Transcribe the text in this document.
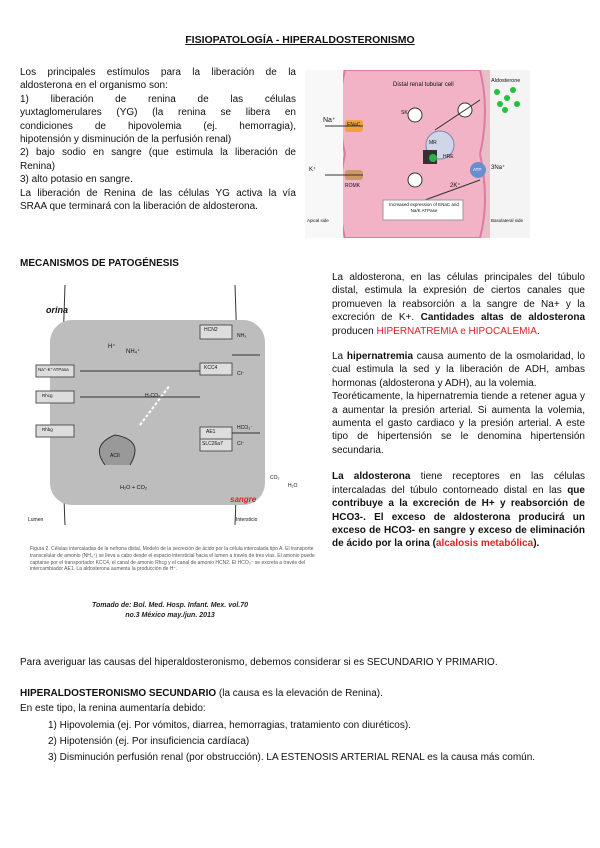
FISIOPATOLOGÍA - HIPERALDOSTERONISMO
Los principales estímulos para la liberación de la
aldosterona en el organismo son:
1) liberación de renina de las células
yuxtaglomerulares (YG) (la renina se libera en
condiciones de hipovolemia (ej. hemorragia),
hipotensión y disminución de la perfusión renal)
2) bajo sodio en sangre (que estimula la liberación de
Renina)
3) alto potasio en sangre.
La liberación de Renina de las células YG activa la vía
SRAA que terminará con la liberación de aldosterona.
Distal renal tubular cell
Aldosterone
Na⁺
ENaC
K⁺
ROMK
3Na⁺
2K⁺
ATP
MR
HRE
SK
Increased expression of ENaC and Na/K ATPase
Apical side	Basolateral side
MECANISMOS DE PATOGÉNESIS
orina
sangre
Lumen	Intersticio
HCN2
NH₃
H⁺
NH₄⁺
KCC4
Cl⁻
AE1
SLC26a7
H₂O + CO₂
CO₂
H₂O
ACII
H₂CO₃
HCO₃⁻
Na⁺-K⁺ATPasa
Rhcg
Rhbg
Cl⁻
Figura 2. Células intercaladas de la nefrona distal. Modelo de la secreción de ácido por la célula intercalada tipo A. El transporte transcelular de amonio (NH₄⁺) se lleva a cabo desde el espacio intersticial hacia el lumen a través de tres vías. El amonio puede captarse por el transportador KCC4, el canal de amonio Rhcg y el canal de amonio HCN2. El HCO₃⁻ se excreta a través del intercambiador AE1. La aldosterona aumenta la producción de H⁺.
Tomado de: Bol. Med. Hosp. Infant. Mex. vol.70
no.3 México may./jun. 2013

La aldosterona, en las células principales del túbulo distal, estimula la expresión de ciertos canales que promueven la reabsorción a la sangre de Na+ y la excreción de K+. Cantidades altas de aldosterona producen HIPERNATREMIA e HIPOCALEMIA.

La hipernatremia causa aumento de la osmolaridad, lo cual estimula la sed y la liberación de ADH, ambas hormonas (aldosterona y ADH), au la volemia.

Teoréticamente, la hipernatremia tiende a retener agua y a aumentar la presión arterial. Si aumenta la volemia, aumenta el gasto cardiaco y la presión arterial. A este tipo de hipertensión se le denomina hipertensión secundaria.

La aldosterona tiene receptores en las células intercaladas del túbulo contorneado distal en las que contribuye a la excreción de H+ y reabsorción de HCO3-. El exceso de aldosterona producirá un exceso de HCO3- en sangre y exceso de eliminación de ácido por la orina (alcalosis metabólica).

Para averiguar las causas del hiperaldosteronismo, debemos considerar si es SECUNDARIO Y PRIMARIO.
HIPERALDOSTERONISMO SECUNDARIO (la causa es la elevación de Renina).
En este tipo, la renina aumentaría debido:
1) Hipovolemia (ej. Por vómitos, diarrea, hemorragias, tratamiento con diuréticos).
2) Hipotensión (ej. Por insuficiencia cardíaca)
3) Disminución perfusión renal (por obstrucción). LA ESTENOSIS ARTERIAL RENAL es la causa más común.
